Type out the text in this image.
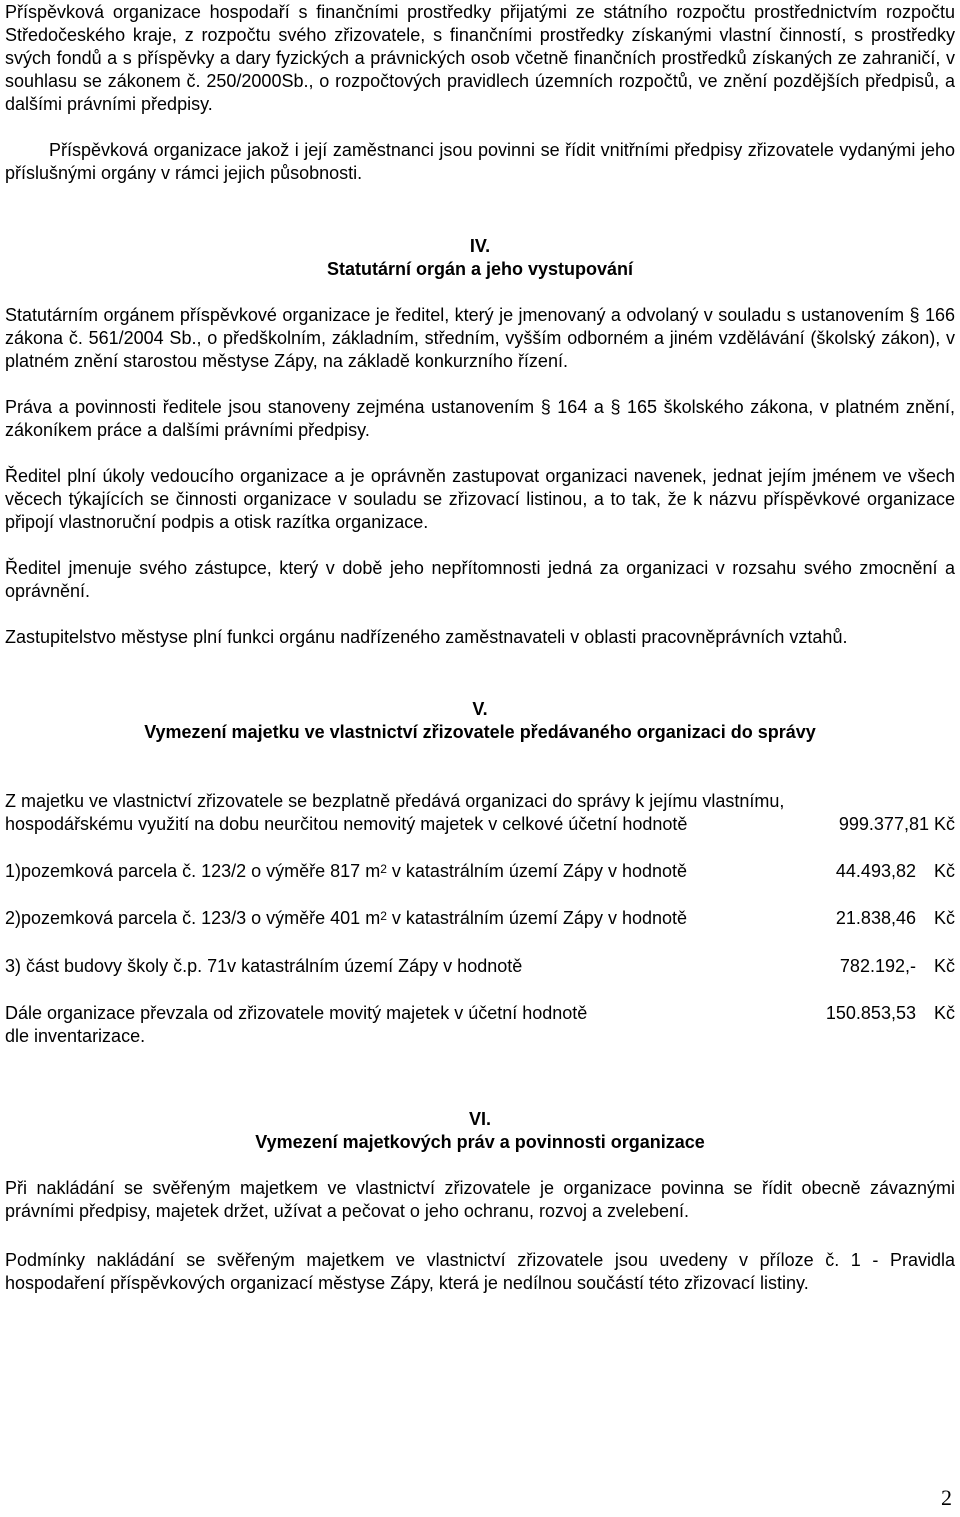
Příspěvková organizace hospodaří s finančními prostředky přijatými ze státního rozpočtu prostřednictvím rozpočtu Středočeského kraje, z rozpočtu svého zřizovatele, s finančními prostředky získanými vlastní činností, s prostředky svých fondů a s příspěvky a dary fyzických a právnických osob včetně finančních prostředků získaných ze zahraničí, v souhlasu se zákonem č. 250/2000Sb., o rozpočtových pravidlech územních rozpočtů, ve znění pozdějších předpisů, a dalšími právními předpisy.

Příspěvková organizace jakož i její zaměstnanci jsou povinni se řídit vnitřními předpisy zřizovatele vydanými jeho příslušnými orgány v rámci jejich působnosti.

IV.
Statutární orgán a jeho vystupování

Statutárním orgánem příspěvkové organizace je ředitel, který je jmenovaný a odvolaný v souladu s ustanovením § 166 zákona č. 561/2004 Sb., o předškolním, základním, středním, vyšším odborném a jiném vzdělávání (školský zákon), v platném znění starostou městyse Zápy, na základě konkurzního řízení.

Práva a povinnosti ředitele jsou stanoveny zejména ustanovením § 164 a § 165 školského zákona, v platném znění, zákoníkem práce a dalšími právními předpisy.

Ředitel plní úkoly vedoucího organizace a je oprávněn zastupovat organizaci navenek, jednat jejím jménem ve všech věcech týkajících se činnosti organizace v souladu se zřizovací listinou, a to tak, že k názvu příspěvkové organizace připojí vlastnoruční podpis a otisk razítka organizace.

Ředitel jmenuje svého zástupce, který v době jeho nepřítomnosti jedná za organizaci v rozsahu svého zmocnění a oprávnění.

Zastupitelstvo městyse plní funkci orgánu nadřízeného zaměstnavateli v oblasti pracovněprávních vztahů.

V.
Vymezení majetku ve vlastnictví zřizovatele předávaného organizaci do správy

Z majetku ve vlastnictví zřizovatele se bezplatně předává organizaci do správy k jejímu vlastnímu,

hospodářskému využití na dobu neurčitou nemovitý majetek v celkové účetní hodnotě	999.377,81 Kč
1)pozemková parcela č. 123/2 o výměře 817 $m^2$ v katastrálním území Zápy v hodnotě	44.493,82 Kč
2)pozemková parcela č. 123/3 o výměře 401 $m^2$ v katastrálním území Zápy v hodnotě	21.838,46 Kč
3) část budovy školy č.p. 71v katastrálním území Zápy v hodnotě	782.192,- Kč
Dále organizace převzala od zřizovatele movitý majetek v účetní hodnotě	150.853,53 Kč

dle inventarizace.

VI.
Vymezení majetkových práv a povinnosti organizace

Při nakládání se svěřeným majetkem ve vlastnictví zřizovatele je organizace povinna se řídit obecně závaznými právními předpisy, majetek držet, užívat a pečovat o jeho ochranu, rozvoj a zvelebení.

Podmínky nakládání se svěřeným majetkem ve vlastnictví zřizovatele jsou uvedeny v příloze č. 1 - Pravidla hospodaření příspěvkových organizací městyse Zápy, která je nedílnou součástí této zřizovací listiny.

2
